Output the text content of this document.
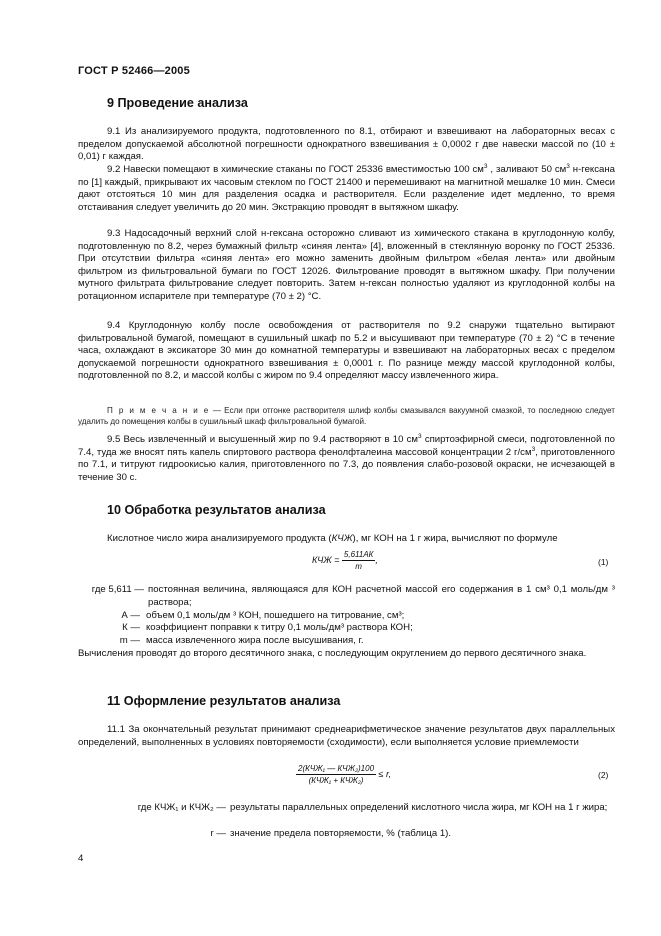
ГОСТ Р 52466—2005
9 Проведение анализа

9.1 Из анализируемого продукта, подготовленного по 8.1, отбирают и взвешивают на лабораторных весах с пределом допускаемой абсолютной погрешности однократного взвешивания ± 0,0002 г две навески массой по (10 ± 0,01) г каждая.

9.2 Навески помещают в химические стаканы по ГОСТ 25336 вместимостью 100 $см^3$ , заливают 50 $см^3$ н-гексана по [1] каждый, прикрывают их часовым стеклом по ГОСТ 21400 и перемешивают на магнитной мешалке 10 мин. Смеси дают отстояться 10 мин для разделения осадка и растворителя. Если разделение идет медленно, то время отстаивания следует увеличить до 20 мин. Экстракцию проводят в вытяжном шкафу.

9.3 Надосадочный верхний слой н-гексана осторожно сливают из химического стакана в круглодонную колбу, подготовленную по 8.2, через бумажный фильтр «синяя лента» [4], вложенный в стеклянную воронку по ГОСТ 25336. При отсутствии фильтра «синяя лента» его можно заменить двойным фильтром «белая лента» или двойным фильтром из фильтровальной бумаги по ГОСТ 12026. Фильтрование проводят в вытяжном шкафу. При получении мутного фильтрата фильтрование следует повторить. Затем н-гексан полностью удаляют из круглодонной колбы на ротационном испарителе при температуре (70 ± 2) °С.

9.4 Круглодонную колбу после освобождения от растворителя по 9.2 снаружи тщательно вытирают фильтровальной бумагой, помещают в сушильный шкаф по 5.2 и высушивают при температуре (70 ± 2) °С в течение часа, охлаждают в эксикаторе 30 мин до комнатной температуры и взвешивают на лабораторных весах с пределом допускаемой погрешности однократного взвешивания ± 0,0001 г. По разнице между массой круглодонной колбы, подготовленной по 8.2, и массой колбы с жиром по 9.4 определяют массу извлеченного жира.

П р и м е ч а н и е — Если при отгонке растворителя шлиф колбы смазывался вакуумной смазкой, то последнюю следует удалить до помещения колбы в сушильный шкаф фильтровальной бумагой.

9.5 Весь извлеченный и высушенный жир по 9.4 растворяют в 10 $см^3$ спиртоэфирной смеси, подготовленной по 7.4, туда же вносят пять капель спиртового раствора фенолфталеина массовой концентрации 2 $г/см^3$, приготовленного по 7.1, и титруют гидроокисью калия, приготовленного по 7.3, до появления слабо-розовой окраски, не исчезающей в течение 30 с.

10 Обработка результатов анализа

Кислотное число жира анализируемого продукта (КЧЖ), мг КОН на 1 г жира, вычисляют по формуле

КЧЖ = $\frac{5,611АК}{m}$ ,	(1)
где 5,611 — постоянная величина, являющаяся для КОН расчетной массой его содержания в 1 см³ 0,1 моль/дм ³ раствора;
А — объем 0,1 моль/дм ³ КОН, пошедшего на титрование, см³;
К — коэффициент поправки к титру 0,1 моль/дм³ раствора КОН;
m — масса извлеченного жира после высушивания, г.

Вычисления проводят до второго десятичного знака, с последующим округлением до первого десятичного знака.

11 Оформление результатов анализа

11.1 За окончательный результат принимают среднеарифметическое значение результатов двух параллельных определений, выполненных в условиях повторяемости (сходимости), если выполняется условие приемлемости

$\frac{\text{2(КЧЖ₁ — КЧЖ₂)100}}{\text{(КЧЖ₁ + КЧЖ₂)}} \le r$,	(2)
где КЧЖ₁ и КЧЖ₂ — результаты параллельных определений кислотного числа жира, мг КОН на 1 г жира;
r — значение предела повторяемости, % (таблица 1).
4
